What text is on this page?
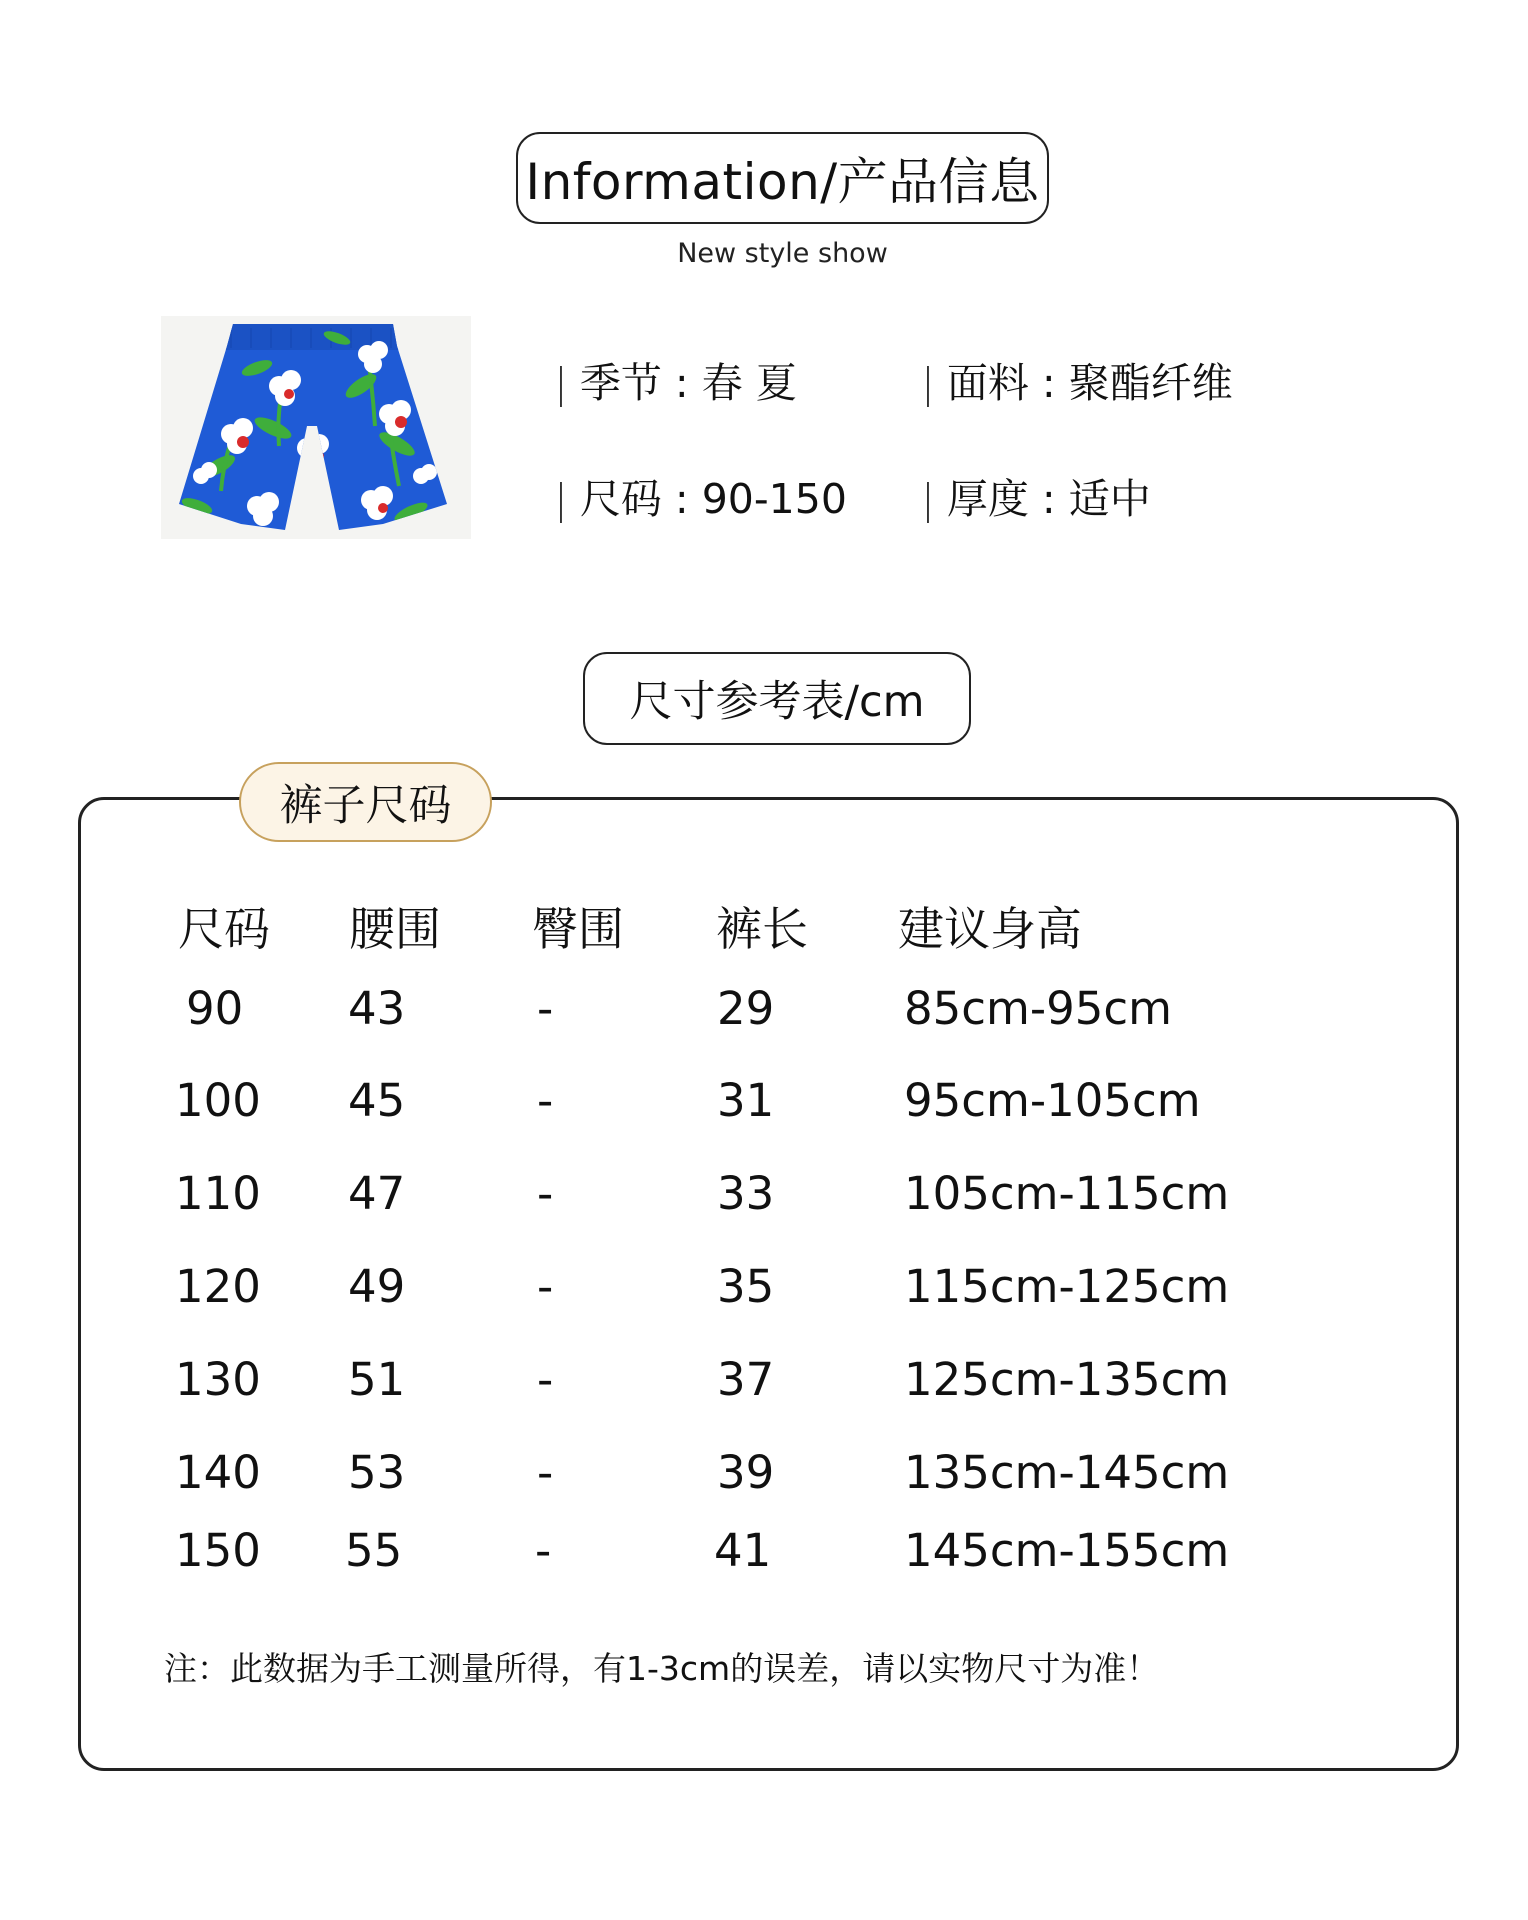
Information/产品信息
New style show
| 季节 : 春 夏	| 面料 : 聚酯纤维
| 尺码 : 90-150 | 厚度 : 适中
尺寸参考表/cm
裤子尺码
尺码 腰围 臀围 裤长 建议身高
90 43	-	29	85cm-95cm
100 45	-	31	95cm-105cm
110 47	-	33	105cm-115cm
120 49	-	35	115cm-125cm
130 51	-	37	125cm-135cm
140 53	-	39	135cm-145cm
150 55	-	41	145cm-155cm
注：此数据为手工测量所得，有1-3cm的误差，请以实物尺寸为准！
